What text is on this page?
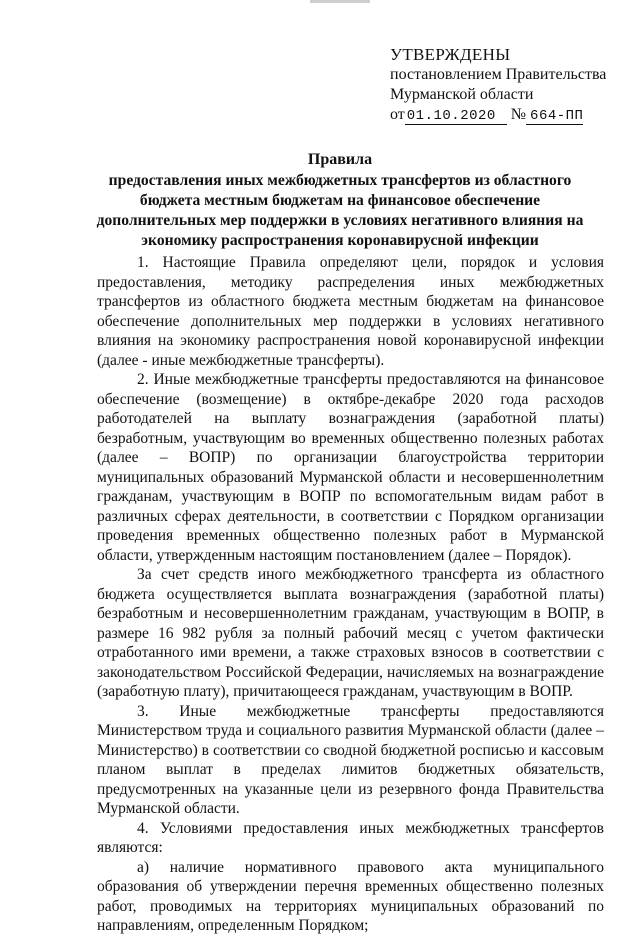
УТВЕРЖДЕНЫ
постановлением Правительства
Мурманской области
от 01.10.2020 № 664-ПП
Правила
предоставления иных межбюджетных трансфертов из областного
бюджета местным бюджетам на финансовое обеспечение
дополнительных мер поддержки в условиях негативного влияния на
экономику распространения коронавирусной инфекции

1. Настоящие Правила определяют цели, порядок и условия предоставления, методику распределения иных межбюджетных трансфертов из областного бюджета местным бюджетам на финансовое обеспечение дополнительных мер поддержки в условиях негативного влияния на экономику распространения новой коронавирусной инфекции (далее - иные межбюджетные трансферты).

2. Иные межбюджетные трансферты предоставляются на финансовое обеспечение (возмещение) в октябре-декабре 2020 года расходов работодателей на выплату вознаграждения (заработной платы) безработным, участвующим во временных общественно полезных работах (далее – ВОПР) по организации благоустройства территории муниципальных образований Мурманской области и несовершеннолетним гражданам, участвующим в ВОПР по вспомогательным видам работ в различных сферах деятельности, в соответствии с Порядком организации проведения временных общественно полезных работ в Мурманской области, утвержденным настоящим постановлением (далее – Порядок).

За счет средств иного межбюджетного трансферта из областного бюджета осуществляется выплата вознаграждения (заработной платы) безработным и несовершеннолетним гражданам, участвующим в ВОПР, в размере 16 982 рубля за полный рабочий месяц с учетом фактически отработанного ими времени, а также страховых взносов в соответствии с законодательством Российской Федерации, начисляемых на вознаграждение (заработную плату), причитающееся гражданам, участвующим в ВОПР.

3. Иные межбюджетные трансферты предоставляются Министерством труда и социального развития Мурманской области (далее – Министерство) в соответствии со сводной бюджетной росписью и кассовым планом выплат в пределах лимитов бюджетных обязательств, предусмотренных на указанные цели из резервного фонда Правительства Мурманской области.

4. Условиями предоставления иных межбюджетных трансфертов являются:

а) наличие нормативного правового акта муниципального образования об утверждении перечня временных общественно полезных работ, проводимых на территориях муниципальных образований по направлениям, определенным Порядком;
